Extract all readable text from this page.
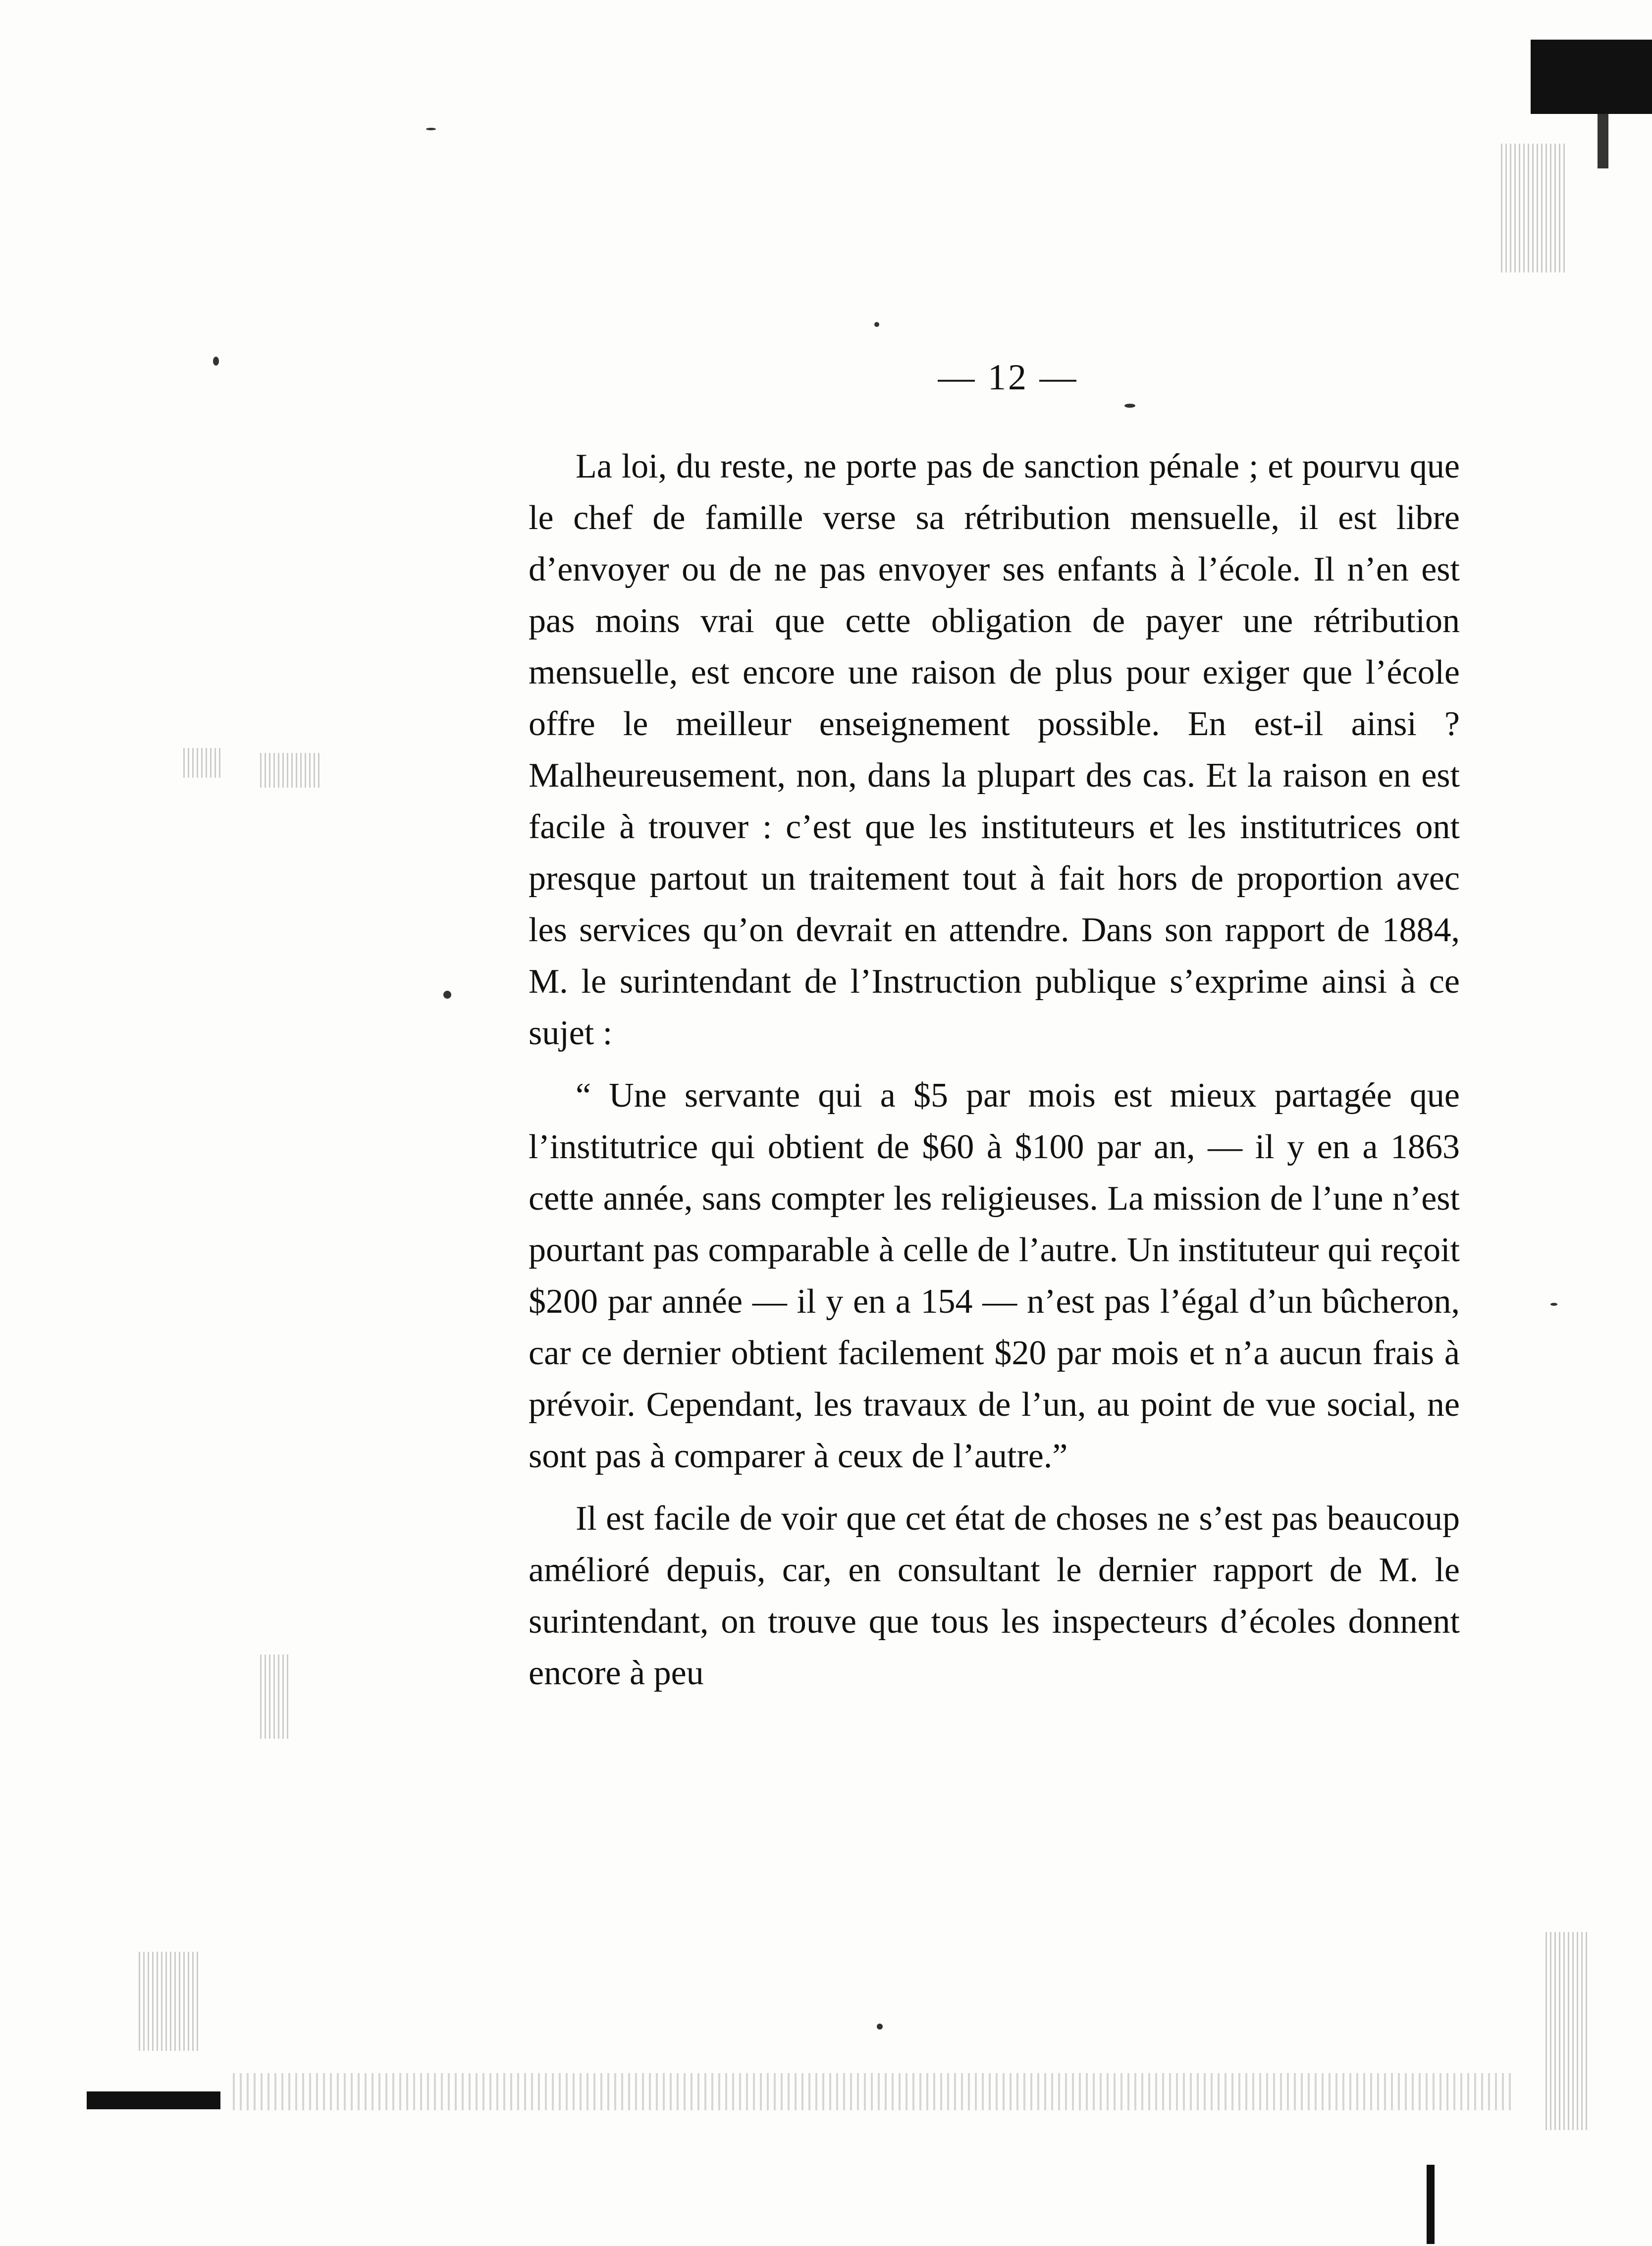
— 12 —

La loi, du reste, ne porte pas de sanction pénale ; et pourvu que le chef de famille verse sa rétribution mensuelle, il est libre d’envoyer ou de ne pas envoyer ses enfants à l’école. Il n’en est pas moins vrai que cette obligation de payer une rétribution mensuelle, est encore une raison de plus pour exiger que l’école offre le meilleur enseignement possible. En est-il ainsi ? Malheureusement, non, dans la plupart des cas. Et la raison en est facile à trouver : c’est que les instituteurs et les institutrices ont presque partout un traitement tout à fait hors de proportion avec les services qu’on devrait en attendre. Dans son rapport de 1884, M. le surintendant de l’Instruction publique s’exprime ainsi à ce sujet :

“ Une servante qui a $5 par mois est mieux partagée que l’institutrice qui obtient de $60 à $100 par an, — il y en a 1863 cette année, sans compter les religieuses. La mission de l’une n’est pourtant pas comparable à celle de l’autre. Un instituteur qui reçoit $200 par année — il y en a 154 — n’est pas l’égal d’un bûcheron, car ce dernier obtient facilement $20 par mois et n’a aucun frais à prévoir. Cependant, les travaux de l’un, au point de vue social, ne sont pas à comparer à ceux de l’autre.”

Il est facile de voir que cet état de choses ne s’est pas beaucoup amélioré depuis, car, en consultant le dernier rapport de M. le surintendant, on trouve que tous les inspecteurs d’écoles donnent encore à peu
